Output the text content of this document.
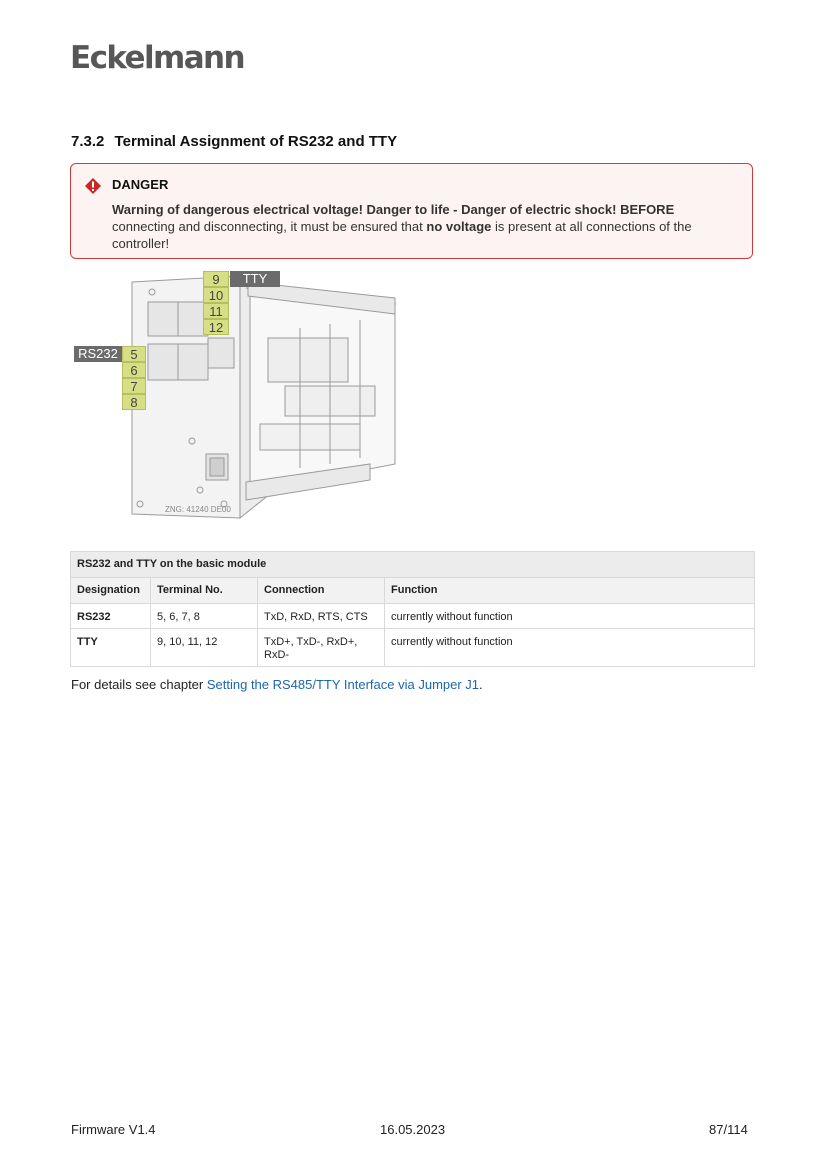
Eckelmann
7.3.2 Terminal Assignment of RS232 and TTY
DANGER
Warning of dangerous electrical voltage! Danger to life - Danger of electric shock! BEFORE connecting and disconnecting, it must be ensured that no voltage is present at all connections of the controller!
ZNG: 41240 DE00
9
10
11
12
TTY
RS232 5
6
7
8
RS232 and TTY on the basic module			
Designation	Terminal No.	Connection	Function
RS232	5, 6, 7, 8	TxD, RxD, RTS, CTS	currently without function
TTY	9, 10, 11, 12	TxD+, TxD-, RxD+, RxD-	currently without function
For details see chapter Setting the RS485/TTY Interface via Jumper J1.
Firmware V1.4	16.05.2023	87/114
